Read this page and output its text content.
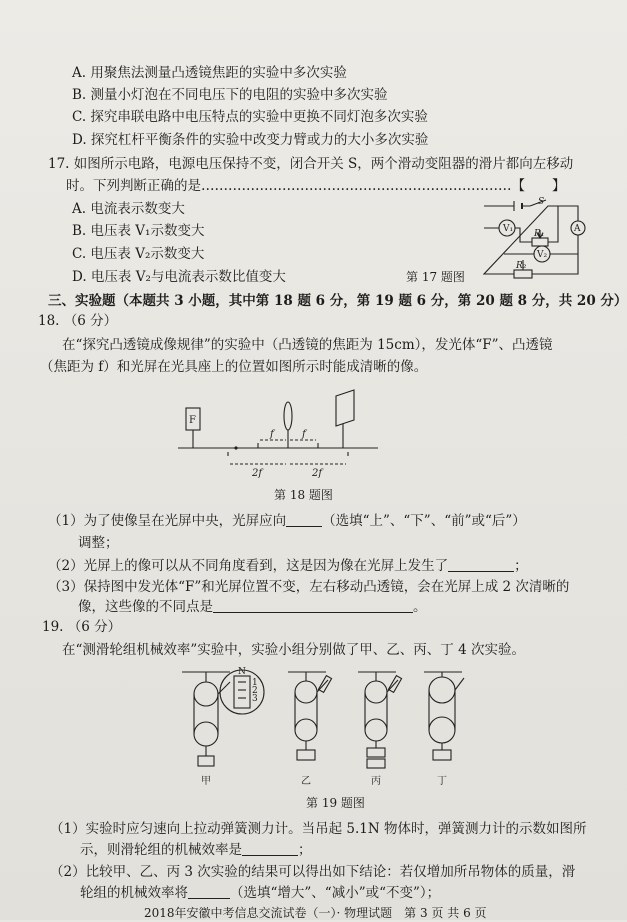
A. 用聚焦法测量凸透镜焦距的实验中多次实验
B. 测量小灯泡在不同电压下的电阻的实验中多次实验
C. 探究串联电路中电压特点的实验中更换不同灯泡多次实验
D. 探究杠杆平衡条件的实验中改变力臂或力的大小多次实验
17. 如图所示电路，电源电压保持不变，闭合开关 S，两个滑动变阻器的滑片都向左移动
时。下列判断正确的是……………………………………………………………【　　】
A. 电流表示数变大
B. 电压表 V₁示数变大
C. 电压表 V₂示数变大
D. 电压表 V₂与电流表示数比值变大
V₁	A
V₂
S
R₁
R₂
第 17 题图
三、实验题（本题共 3 小题，其中第 18 题 6 分，第 19 题 6 分，第 20 题 8 分，共 20 分）
18. （6 分）
在“探究凸透镜成像规律”的实验中（凸透镜的焦距为 15cm），发光体“F”、凸透镜
（焦距为 f）和光屏在光具座上的位置如图所示时能成清晰的像。
F
f	f
2f	2f
第 18 题图
（1）为了使像呈在光屏中央，光屏应向	（选填“上”、“下”、“前”或“后”）
调整；
（2）光屏上的像可以从不同角度看到，这是因为像在光屏上发生了	；
（3）保持图中发光体“F”和光屏位置不变，左右移动凸透镜，会在光屏上成 2 次清晰的
像，这些像的不同点是	。
19. （6 分）
在“测滑轮组机械效率”实验中，实验小组分别做了甲、乙、丙、丁 4 次实验。
N
1
2
3
甲	乙	丙	丁
第 19 题图
（1）实验时应匀速向上拉动弹簧测力计。当吊起 5.1N 物体时，弹簧测力计的示数如图所
示，则滑轮组的机械效率是	；
（2）比较甲、乙、丙 3 次实验的结果可以得出如下结论：若仅增加所吊物体的质量，滑
轮组的机械效率将	（选填“增大”、“减小”或“不变”）；
2018年安徽中考信息交流试卷（一）· 物理试题　第 3 页 共 6 页
